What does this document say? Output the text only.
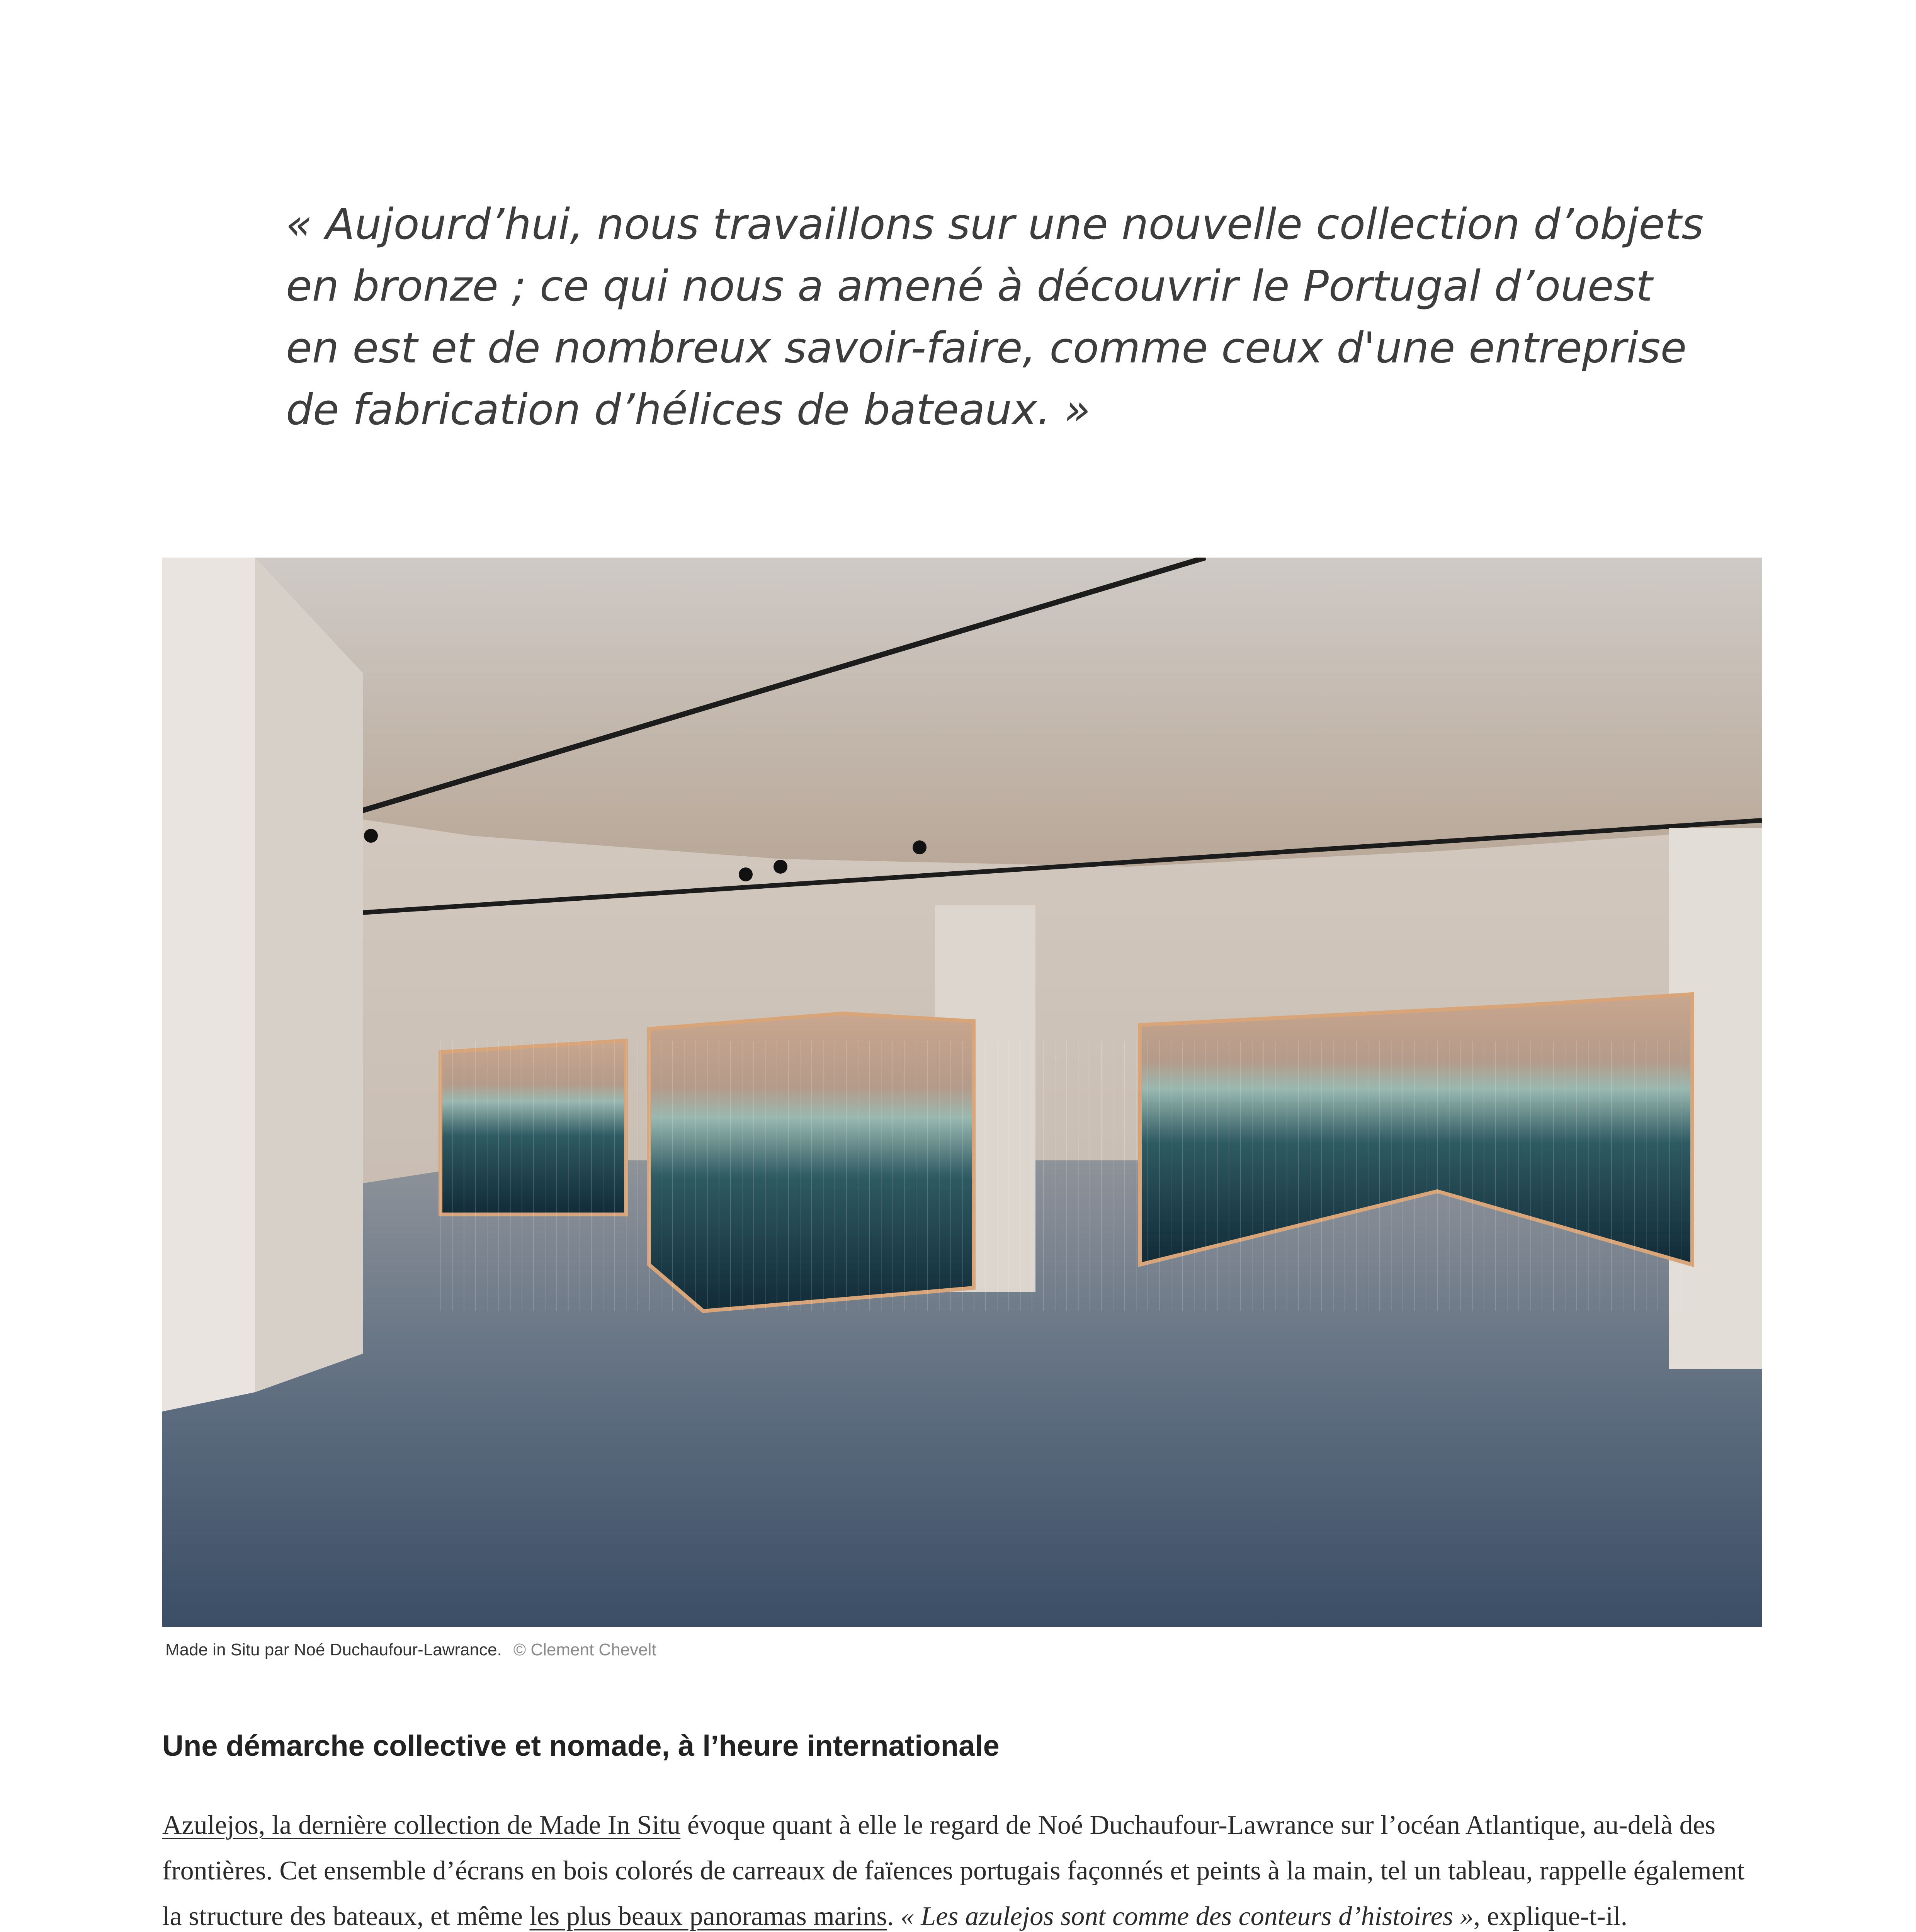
« Aujourd’hui, nous travaillons sur une nouvelle collection d’objets en bronze ; ce qui nous a amené à découvrir le Portugal d’ouest en est et de nombreux savoir-faire, comme ceux d'une entreprise de fabrication d’hélices de bateaux. »

Made in Situ par Noé Duchaufour-Lawrance. © Clement Chevelt
Une démarche collective et nomade, à l’heure internationale

Azulejos, la dernière collection de Made In Situ évoque quant à elle le regard de Noé Duchaufour-Lawrance sur l’océan Atlantique, au-delà des frontières. Cet ensemble d’écrans en bois colorés de carreaux de faïences portugais façonnés et peints à la main, tel un tableau, rappelle également la structure des bateaux, et même les plus beaux panoramas marins. « Les azulejos sont comme des conteurs d’histoires », explique-t-il.
